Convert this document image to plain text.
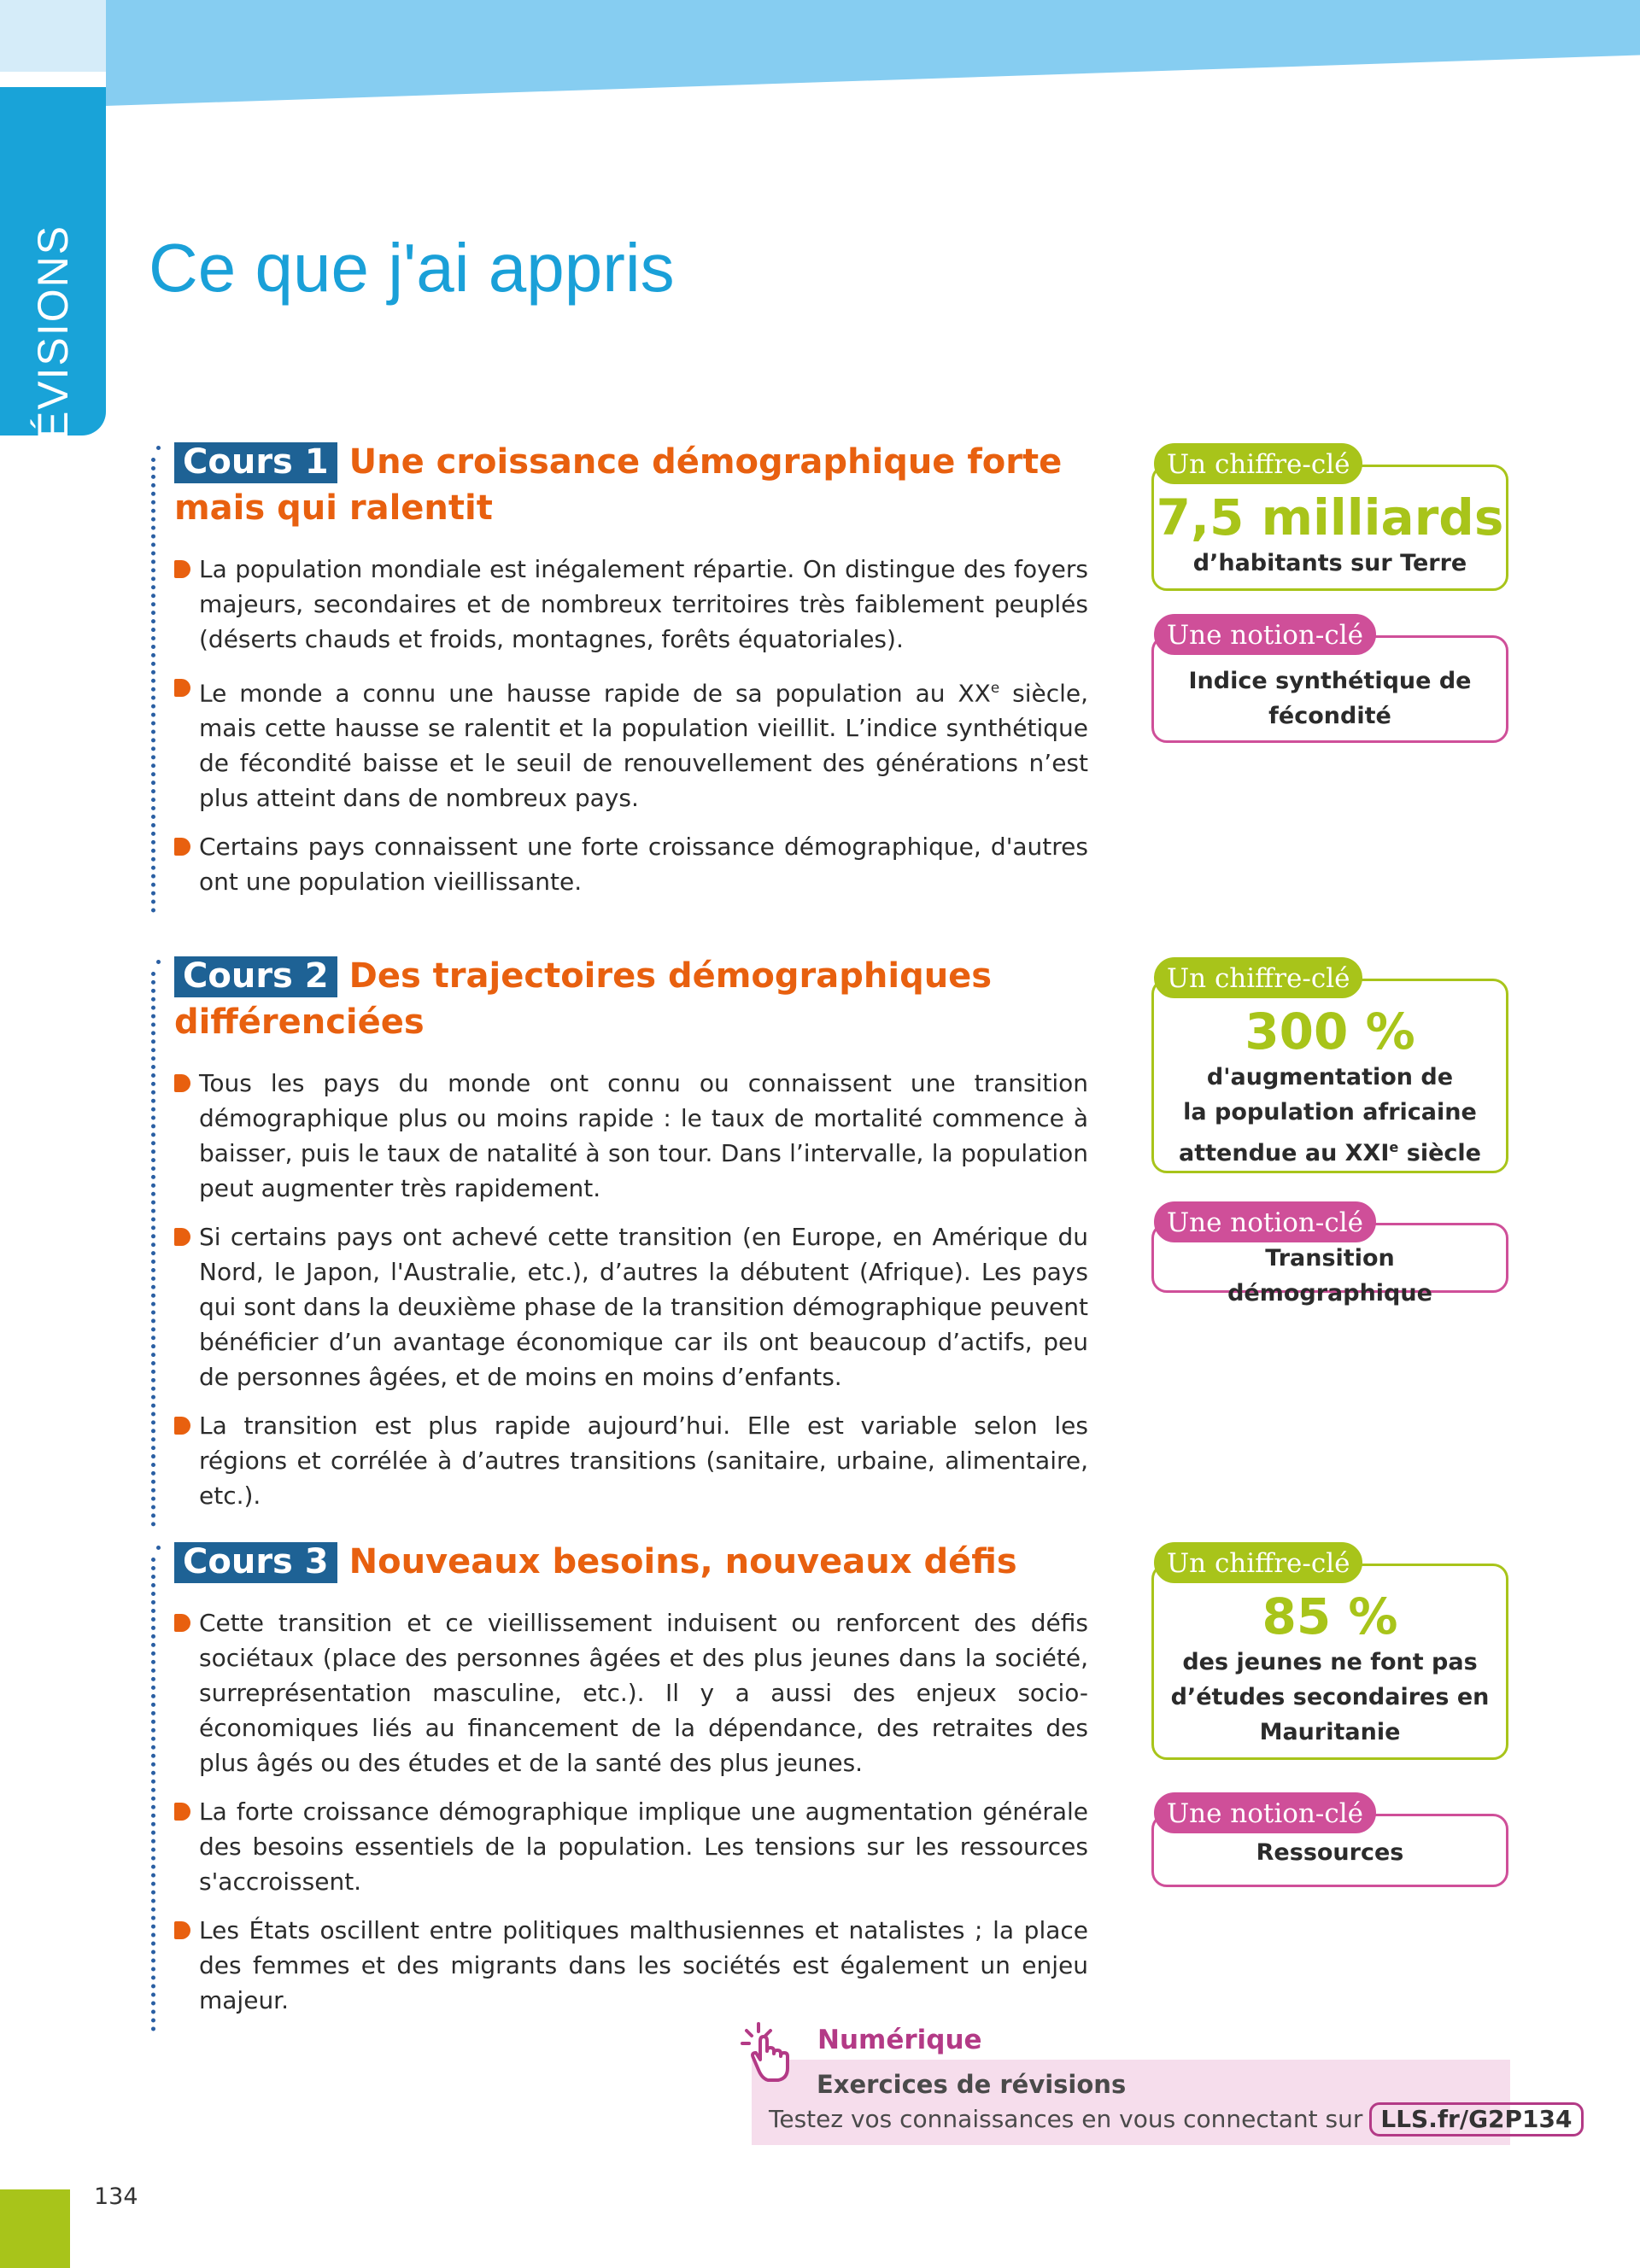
RÉVISIONS Ce que j'ai appris
Cours 1 Une croissance démographique forte mais qui ralentit
La population mondiale est inégalement répartie. On distingue des foyers majeurs, secondaires et de nombreux territoires très faiblement peuplés (déserts chauds et froids, montagnes, forêts équatoriales).
Le monde a connu une hausse rapide de sa population au XXe siècle, mais cette hausse se ralentit et la population vieillit. L’indice synthétique de fécondité baisse et le seuil de renouvellement des générations n’est plus atteint dans de nombreux pays.
Certains pays connaissent une forte croissance démographique, d'autres ont une population vieillissante.
Cours 2 Des trajectoires démographiques différenciées
Tous les pays du monde ont connu ou connaissent une transition démographique plus ou moins rapide : le taux de mortalité commence à baisser, puis le taux de natalité à son tour. Dans l’intervalle, la population peut augmenter très rapidement.
Si certains pays ont achevé cette transition (en Europe, en Amérique du Nord, le Japon, l'Australie, etc.), d’autres la débutent (Afrique). Les pays qui sont dans la deuxième phase de la transition démographique peuvent bénéficier d’un avantage économique car ils ont beaucoup d’actifs, peu de personnes âgées, et de moins en moins d’enfants.
La transition est plus rapide aujourd’hui. Elle est variable selon les régions et corrélée à d’autres transitions (sanitaire, urbaine, alimentaire, etc.).
Cours 3 Nouveaux besoins, nouveaux défis
Cette transition et ce vieillissement induisent ou renforcent des défis sociétaux (place des personnes âgées et des plus jeunes dans la société, surreprésentation masculine, etc.). Il y a aussi des enjeux socio-économiques liés au financement de la dépendance, des retraites des plus âgés ou des études et de la santé des plus jeunes.
La forte croissance démographique implique une augmentation générale des besoins essentiels de la population. Les tensions sur les ressources s'accroissent.
Les États oscillent entre politiques malthusiennes et natalistes ; la place des femmes et des migrants dans les sociétés est également un enjeu majeur.
Un chiffre-clé
7,5 milliards
d’habitants sur Terre
Une notion-clé
Indice synthétique de fécondité
Un chiffre-clé
300 %
d'augmentation de
la population africaine
attendue au XXIe siècle
Une notion-clé
Transition démographique
Un chiffre-clé
85 %
des jeunes ne font pas d’études secondaires en Mauritanie
Une notion-clé
Ressources
Numérique
Exercices de révisions
Testez vos connaissances en vous connectant sur LLS.fr/G2P134
134
